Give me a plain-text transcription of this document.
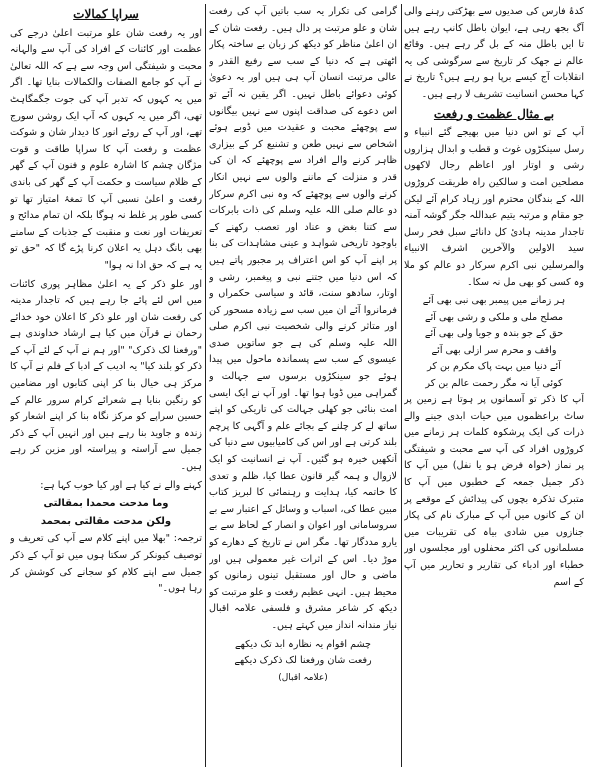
کدۂ فارس کی صدیوں سے بھڑکتی رہنے والی آگ بجھ رہی ہے، ایوان باطل کانپ رہے ہیں تا ایں باطل منہ کے بل گر رہے ہیں۔ وقائع عالم نے جھک کر تاریخ سے سرگوشی کی یہ انقلابات آج کیسے برپا ہو رہے ہیں؟ تاریخ نے کہا محسن انسانیت تشریف لا رہے ہیں۔

بے مثال عظمت و رفعت

آپ کے تو اس دنیا میں بھیجے گئے انبیاء و رسل سینکڑوں غوث و قطب و ابدال ہزاروں رشی و اوتار اور اعاظم رجال لاکھوں مصلحین امت و سالکین راہ طریقت کروڑوں اللہ کے بندگان محترم اور زہاد کرام آئے لیکن جو مقام و مرتبہ یتیم عبداللہ جگر گوشہ آمنہ تاجدار مدینہ ہادیٔ کل دانائے سبل فخر رسل سید الاولین والآخرین اشرف الانبیاء والمرسلین نبی اکرم سرکار دو عالم کو ملا وہ کسی کو بھی مل نہ سکا۔

ہر زمانے میں پیمبر بھی نبی بھی آئے

مصلح ملی و ملکی و رشی بھی آئے

حق کے جو بندہ و جویا ولی بھی آئے

واقف و محرم سر ازلی بھی آئے

آئے دنیا میں بہت پاک مکرم بن کر

کوئی آیا نہ مگر رحمت عالم بن کر

آپ کا ذکر تو آسمانوں پر ہوتا ہے زمین پر ساٹ براعظموں میں حیات ابدی جینے والے ذرات کی ایک پرشکوہ کلمات ہر زمانے میں کروڑوں افراد کی آپ سے محبت و شیفتگی پر نماز (خواہ فرض ہو یا نفل) میں آپ کا ذکر جمیل جمعہ کے خطبوں میں آپ کا متبرک تذکرہ بچوں کی پیدائش کے موقعے پر ان کے کانوں میں آپ کے مبارک نام کی پکار جنازوں میں شادی بیاہ کی تقریبات میں مسلمانوں کی اکثر محفلوں اور مجلسوں اور خطباء اور ادباء کی تقاریر و تحاریر میں آپ کے اسم

گرامی کی تکرار یہ سب باتیں آپ کی رفعت شان و علو مرتبت پر دال ہیں۔ رفعت شان کے ان اعلیٰ مناظر کو دیکھ کر زبان بے ساختہ پکار اٹھتی ہے کہ دنیا کے سب سے رفیع القدر و عالی مرتبت انسان آپ ہی ہیں اور یہ دعویٰ کوئی دعوائے باطل نہیں۔ اگر یقین نہ آئے تو اس دعوے کی صداقت اپنوں سے نہیں بیگانوں سے پوچھئے محبت و عقیدت میں ڈوبے ہوئے اشخاص سے نہیں طعن و تشنیع کر کے بیزاری ظاہر کرنے والے افراد سے پوچھئے کہ ان کی قدر و منزلت کے ماننے والوں سے نہیں انکار کرنے والوں سے پوچھئے کہ وہ نبی اکرم سرکار دو عالم صلی اللہ علیہ وسلم کی ذات بابرکات سے کتنا بغض و عناد اور تعصب رکھنے کے باوجود تاریخی شواہد و عینی مشاہدات کی بنا پر اپنے آپ کو اس اعتراف پر مجبور پاتے ہیں کہ اس دنیا میں جتنے نبی و پیغمبر، رشی و اوتار، سادھو سنت، قائد و سیاسی حکمراں و فرمانروا آئے ان میں سب سے زیادہ مسحور کن اور متاثر کرنے والی شخصیت نبی اکرم صلی اللہ علیہ وسلم کی ہے جو ساتویں صدی عیسوی کے سب سے پسماندہ ماحول میں پیدا ہوئے جو سینکڑوں برسوں سے جہالت و گمراہی میں ڈوبا ہوا تھا۔ اور آپ نے ایک ایسی امت بنائی جو کھلی جہالت کی تاریکی کو اپنے ساتھ لے کر چلنے کے بجائے علم و آگہی کا پرچم بلند کرتی ہے اور اس کی کامیابیوں سے دنیا کی آنکھیں خیرہ ہو گئیں۔ آپ نے انسانیت کو ایک لازوال و ہمہ گیر قانون عطا کیا، ظلم و تعدی کا خاتمہ کیا، ہدایت و رہنمائی کا لبریز کتاب مبین عطا کی، اسباب و وسائل کے اعتبار سے بے سروسامانی اور اعوان و انصار کے لحاظ سے بے یارو مددگار تھا۔ مگر اس نے تاریخ کے دھارے کو موڑ دیا۔ اس کے اثرات غیر معمولی ہیں اور ماضی و حال اور مستقبل تینوں زمانوں کو محیط ہیں۔ انہی عظیم رفعت و علو مرتبت کو دیکھ کر شاعر مشرق و فلسفی علامہ اقبال نیاز مندانہ انداز میں کہتے ہیں۔

چشم اقوام یہ نظارہ ابد تک دیکھے

رفعت شان ورفعنا لک ذکرک دیکھے

(علامہ اقبال)

سراپا کمالات

اور یہ رفعت شان علو مرتبت اعلیٰ درجے کی عظمت اور کائنات کے افراد کی آپ سے والہانہ محبت و شیفتگی اس وجہ سے ہے کہ اللہ تعالیٰ نے آپ کو جامع الصفات والکمالات بنایا تھا۔ اگر میں یہ کہوں کہ تدبر آپ کی جوت جگمگاہٹ تھی، اگر میں یہ کہوں کہ آپ ایک روشن سورج تھے، اور آپ کے روئے انور کا دیدار شان و شوکت عظمت و رفعت آپ کا سراپا طاقت و قوت مژگان چشم کا اشارہ علوم و فنون آپ کے گھر کے ظلام سیاست و حکمت آپ کے گھر کی باندی رفعت و اعلیٰ نسبی آپ کا تمغۂ امتیاز تھا تو کسی طور پر غلط نہ ہوگا بلکہ ان تمام مدائح و تعریفات اور نعت و منقبت کے جذبات کے سامنے بھی بانگ دہل یہ اعلان کرنا پڑے گا کہ "حق تو یہ ہے کہ حق ادا نہ ہوا"

اور علو ذکر کے یہ اعلیٰ مظاہر پوری کائنات میں اس لئے پائے جا رہے ہیں کہ تاجدار مدینہ کی رفعت شان اور علو ذکر کا اعلان خود خدائے رحمان نے قرآن میں کیا ہے ارشاد خداوندی ہے "ورفعنا لک ذکرک" "اور ہم نے آپ کے لئے آپ کے ذکر کو بلند کیا" یہ ادیب کے ادبا کے فلم نے آپ کا مرکز ہی خیال بنا کر اپنی کتابوں اور مضامین کو رنگین بنایا ہے شعرائے کرام سرور عالم کے حسین سراپے کو مرکز نگاہ بنا کر اپنے اشعار کو زندہ و جاوید بنا رہے ہیں اور انہیں آپ کے ذکر جمیل سے آراستہ و پیراستہ اور مزین کر رہے ہیں۔

کہنے والے نے کیا ہے اور کیا خوب کہا ہے:

وما مدحت محمدا بمقالتی

ولکن مدحت مقالتی بمحمد

ترجمہ: "بھلا میں اپنے کلام سے آپ کی تعریف و توصیف کیونکر کر سکتا ہوں میں تو آپ کے ذکر جمیل سے اپنے کلام کو سجانے کی کوشش کر رہا ہوں۔"
